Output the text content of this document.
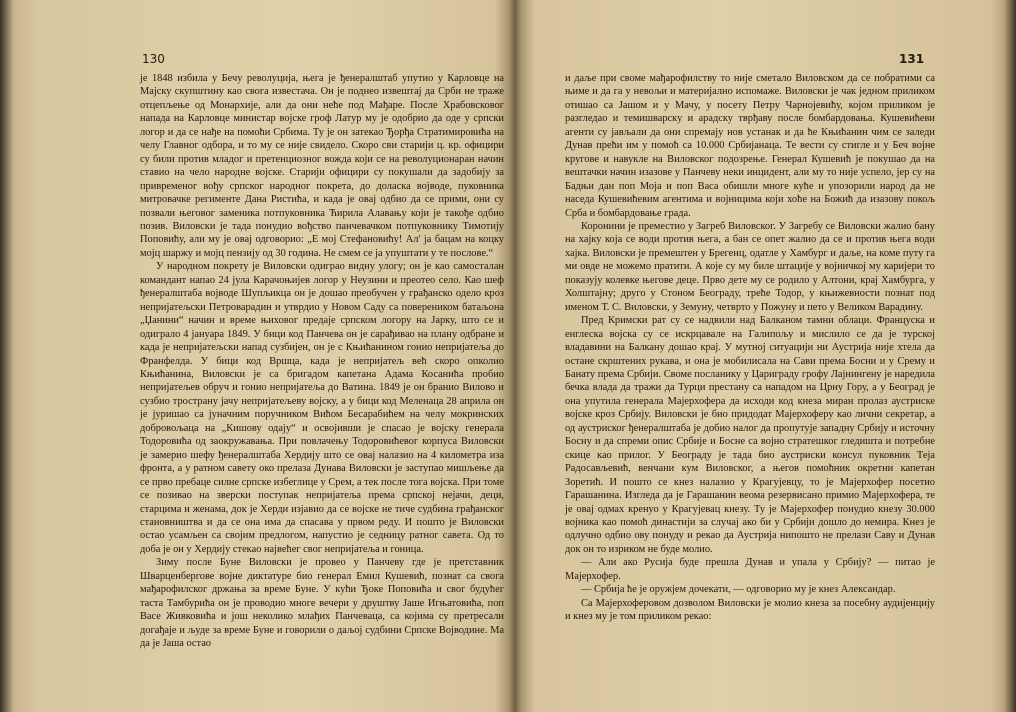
130

је 1848 избила у Бечу револуција, њега је ђенералштаб упутио у Карловце на Мајску скупштину као свога известача. Он је поднео извештај да Срби не траже отцепљење од Монархије, али да они неће под Мађаре. После Храбовсковог напада на Карловце министар војске гроф Латур му је одобрио да оде у српски логор и да се нађе на помоћи Србима. Ту је он затекао Ђорђа Стратимировића на челу Главног одбора, и то му се није свидело. Скоро сви старији ц. кр. официри су били против младог и претенциозног вожда који се на револуционаран начин ставио на чело народне војске. Старији официри су покушали да задобију за привременог вођу српског народног покрета, до доласка војводе, пуковника митровачке регименте Дана Ристића, и када је овај одбио да се прими, они су позвали његовог заменика потпуковника Ћирила Алавању који је такође одбио позив. Виловски је тада понудио вођство панчевачком потпуковнику Тимотију Поповићу, али му је овај одговорио: „Е мој Стефановићу! Ал' ја бацам на коцку мојц шаржу и мојц пензију од 30 година. Не смем се ја упуштати у те послове.“

У народном покрету је Виловски одиграо видну улогу; он је као самосталан командант напао 24 јула Карачоњијев логор у Неузини и преотео село. Као шеф ђенералштаба војводе Шупљикца он је дошао преобучен у грађанско одело кроз непријатељски Петроварадин и утврдио у Новом Саду са повереником батаљона „Џанини“ начин и време њиховог предаје српском логору на Јарку, што се и одиграло 4 јануара 1849. У бици код Панчева он је сарађивао на плану одбране и када је непријатељски напад сузбијен, он је с Књићанином гонио непријатеља до Франфелда. У бици код Вршца, када је непријатељ већ скоро опколио Књићанина, Виловски је са бригадом капетана Адама Косанића пробио непријатељев обруч и гонио непријатеља до Ватина. 1849 је он бранио Вилово и сузбио тространу јачу непријатељеву војску, а у бици код Меленаца 28 априла он је јуришао са јуначним поручником Вићом Бесарабићем на челу мокринских добровољаца на „Кишову одају“ и освојивши је спасао је војску генерала Тодоровића од заокружавања. При повлачењу Тодоровићевог корпуса Виловски је замерио шефу ђенералштаба Хердију што се овај налазио на 4 километра иза фронта, а у ратном савету око прелаза Дунава Виловски је заступао мишљење да се прво пребаце силне српске избеглице у Срем, а тек после тога војска. При томе се позивао на зверски поступак непријатеља према српској нејачи, деци, старцима и женама, док је Херди изјавио да се војске не тиче судбина грађанског становништва и да се она има да спасава у првом реду. И пошто је Виловски остао усамљен са својим предлогом, напустио је седницу ратног савета. Од то доба је он у Хердију стекао највећег свог непријатеља и гоница.

Зиму после Буне Виловски је провео у Панчеву где је претставник Шварценбергове војне диктатуре био генерал Емил Кушевић, познат са свога мађарофилског држања за време Буне. У кући Ђоке Поповића и свог будућег таста Тамбурића он је проводио многе вечери у друштву Јаше Игњатовића, поп Васе Живковића и још неколико млађих Панчеваца, са којима су претресали догађаје и људе за време Буне и говорили о даљој судбини Српске Војводине. Ма да је Јаша остао

131

и даље при своме мађарофилству то није сметало Виловском да се побратими са њиме и да га у невољи и материјално испомаже. Виловски је чак једном приликом отишао са Јашом и у Мачу, у посету Петру Чарнојевићу, којом приликом је разгледао и темишварску и арадску тврђаву после бомбардовања. Кушевићеви агенти су јављали да они спремају нов устанак и да ће Књићанин чим се заледи Дунав прећи им у помоћ са 10.000 Србијанаца. Те вести су стигле и у Беч војне кругове и навукле на Виловског подозрење. Генерал Кушевић је покушао да на вештачки начин изазове у Панчеву неки инцидент, али му то није успело, јер су на Бадњи дан поп Моја и поп Васа обишли многе куће и упозорили народ да не наседа Кушевићевим агентима и војницима који хоће на Божић да изазову покољ Срба и бомбардовање града.

Коронини је преместио у Загреб Виловског. У Загребу се Виловски жалио бану на хајку која се води против њега, а бан се опет жалио да се и против њега води хајка. Виловски је премештен у Брегенц, одатле у Хамбург и даље, на коме путу га ми овде не можемо пратити. А које су му биле штације у војничкој му каријери то показују колевке његове деце. Прво дете му се родило у Алтони, крај Хамбурга, у Холштајну; друго у Стоном Београду, треће Тодор, у књижевности познат под именом Т. С. Виловски, у Земуну, четврто у Пожуну и пето у Великом Варадину.

Пред Кримски рат су се надвили над Балканом тамни облаци. Француска и енглеска војска су се искрцавале на Галипољу и мислило се да је турској владавини на Балкану дошао крај. У мутној ситуацији ни Аустрија није хтела да остане скрштених рукава, и она је мобилисала на Сави према Босни и у Срему и Банату према Србији. Своме посланику у Цариграду грофу Лајнингену је наредила бечка влада да тражи да Турци престану са нападом на Црну Гору, а у Београд је она упутила генерала Мајерхофера да исходи код кнеза миран пролаз аустриске војске кроз Србију. Виловски је био придодат Мајерхоферу као лични секретар, а од аустриског ђенералштаба је добио налог да пропутује западну Србију и источну Босну и да спреми опис Србије и Босне са војно стратешког гледишта и потребне скице као прилог. У Београду је тада био аустриски консул пуковник Теја Радосављевић, венчани кум Виловског, а његов помоћник окретни капетан Зоретић. И пошто се кнез налазио у Крагујевцу, то је Мајерхофер посетио Гарашанина. Изгледа да је Гарашанин веома резервисано примио Мајерхофера, те је овај одмах кренуо у Крагујевац кнезу. Ту је Мајерхофер понудио кнезу 30.000 војника као помоћ династији за случај ако би у Србији дошло до немира. Кнез је одлучно одбио ову понуду и рекао да Аустрија нипошто не прелази Саву и Дунав док он то изриком не буде молио.

— Али ако Русија буде прешла Дунав и упала у Србију? — питао је Мајерхофер.

— Србија ће је оружјем дочекати, — одговорио му је кнез Александар.

Са Мајерхоферовом дозволом Виловски је молио кнеза за посебну аудијенцију и кнез му је том приликом рекао:
